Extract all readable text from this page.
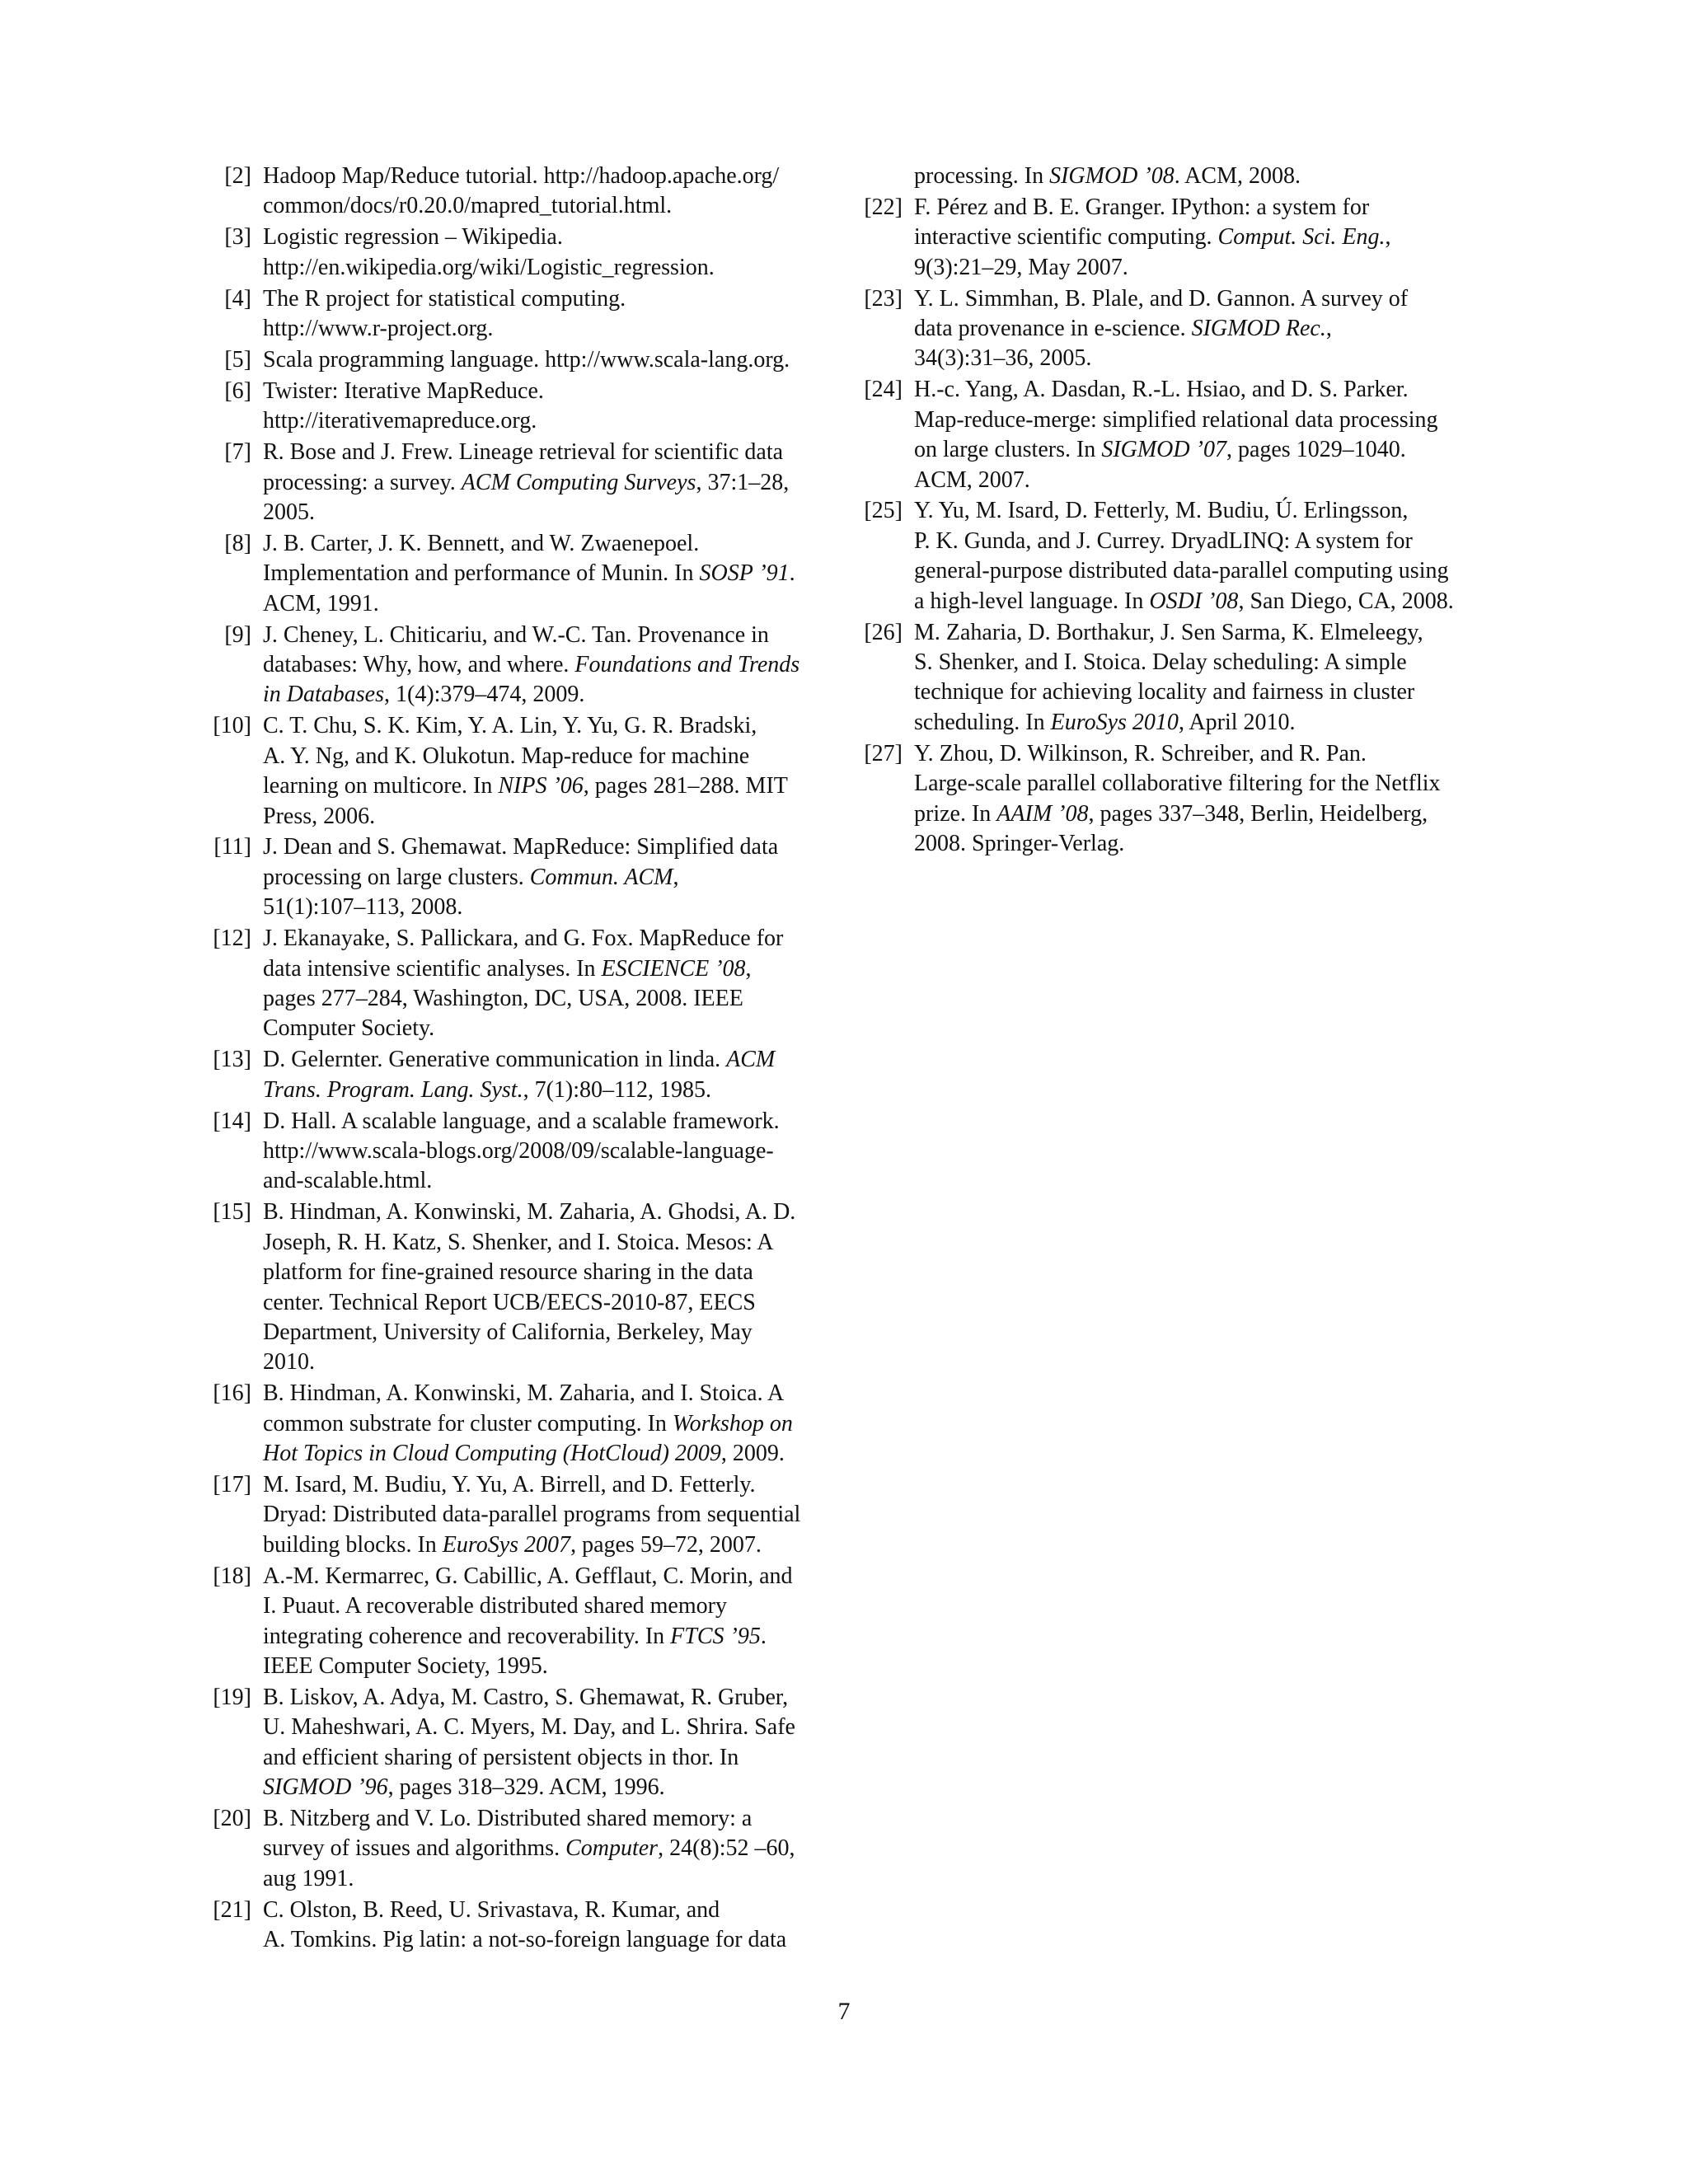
[2] Hadoop Map/Reduce tutorial. http://hadoop.apache.org/
common/docs/r0.20.0/mapred_tutorial.html.
[3] Logistic regression – Wikipedia.
http://en.wikipedia.org/wiki/Logistic_regression.
[4] The R project for statistical computing.
http://www.r-project.org.
[5] Scala programming language. http://www.scala-lang.org.
[6] Twister: Iterative MapReduce.
http://iterativemapreduce.org.
[7] R. Bose and J. Frew. Lineage retrieval for scientific data
processing: a survey. ACM Computing Surveys, 37:1–28,
2005.
[8] J. B. Carter, J. K. Bennett, and W. Zwaenepoel.
Implementation and performance of Munin. In SOSP ’91.
ACM, 1991.
[9] J. Cheney, L. Chiticariu, and W.-C. Tan. Provenance in
databases: Why, how, and where. Foundations and Trends
in Databases, 1(4):379–474, 2009.
[10] C. T. Chu, S. K. Kim, Y. A. Lin, Y. Yu, G. R. Bradski,
A. Y. Ng, and K. Olukotun. Map-reduce for machine
learning on multicore. In NIPS ’06, pages 281–288. MIT
Press, 2006.
[11] J. Dean and S. Ghemawat. MapReduce: Simplified data
processing on large clusters. Commun. ACM,
51(1):107–113, 2008.
[12] J. Ekanayake, S. Pallickara, and G. Fox. MapReduce for
data intensive scientific analyses. In ESCIENCE ’08,
pages 277–284, Washington, DC, USA, 2008. IEEE
Computer Society.
[13] D. Gelernter. Generative communication in linda. ACM
Trans. Program. Lang. Syst., 7(1):80–112, 1985.
[14] D. Hall. A scalable language, and a scalable framework.
http://www.scala-blogs.org/2008/09/scalable-language-
and-scalable.html.
[15] B. Hindman, A. Konwinski, M. Zaharia, A. Ghodsi, A. D.
Joseph, R. H. Katz, S. Shenker, and I. Stoica. Mesos: A
platform for fine-grained resource sharing in the data
center. Technical Report UCB/EECS-2010-87, EECS
Department, University of California, Berkeley, May
2010.
[16] B. Hindman, A. Konwinski, M. Zaharia, and I. Stoica. A
common substrate for cluster computing. In Workshop on
Hot Topics in Cloud Computing (HotCloud) 2009, 2009.
[17] M. Isard, M. Budiu, Y. Yu, A. Birrell, and D. Fetterly.
Dryad: Distributed data-parallel programs from sequential
building blocks. In EuroSys 2007, pages 59–72, 2007.
[18] A.-M. Kermarrec, G. Cabillic, A. Gefflaut, C. Morin, and
I. Puaut. A recoverable distributed shared memory
integrating coherence and recoverability. In FTCS ’95.
IEEE Computer Society, 1995.
[19] B. Liskov, A. Adya, M. Castro, S. Ghemawat, R. Gruber,
U. Maheshwari, A. C. Myers, M. Day, and L. Shrira. Safe
and efficient sharing of persistent objects in thor. In
SIGMOD ’96, pages 318–329. ACM, 1996.
[20] B. Nitzberg and V. Lo. Distributed shared memory: a
survey of issues and algorithms. Computer, 24(8):52 –60,
aug 1991.
[21] C. Olston, B. Reed, U. Srivastava, R. Kumar, and
A. Tomkins. Pig latin: a not-so-foreign language for data
processing. In SIGMOD ’08. ACM, 2008.
[22] F. Pérez and B. E. Granger. IPython: a system for
interactive scientific computing. Comput. Sci. Eng.,
9(3):21–29, May 2007.
[23] Y. L. Simmhan, B. Plale, and D. Gannon. A survey of
data provenance in e-science. SIGMOD Rec.,
34(3):31–36, 2005.
[24] H.-c. Yang, A. Dasdan, R.-L. Hsiao, and D. S. Parker.
Map-reduce-merge: simplified relational data processing
on large clusters. In SIGMOD ’07, pages 1029–1040.
ACM, 2007.
[25] Y. Yu, M. Isard, D. Fetterly, M. Budiu, Ú. Erlingsson,
P. K. Gunda, and J. Currey. DryadLINQ: A system for
general-purpose distributed data-parallel computing using
a high-level language. In OSDI ’08, San Diego, CA, 2008.
[26] M. Zaharia, D. Borthakur, J. Sen Sarma, K. Elmeleegy,
S. Shenker, and I. Stoica. Delay scheduling: A simple
technique for achieving locality and fairness in cluster
scheduling. In EuroSys 2010, April 2010.
[27] Y. Zhou, D. Wilkinson, R. Schreiber, and R. Pan.
Large-scale parallel collaborative filtering for the Netflix
prize. In AAIM ’08, pages 337–348, Berlin, Heidelberg,
2008. Springer-Verlag.
7
